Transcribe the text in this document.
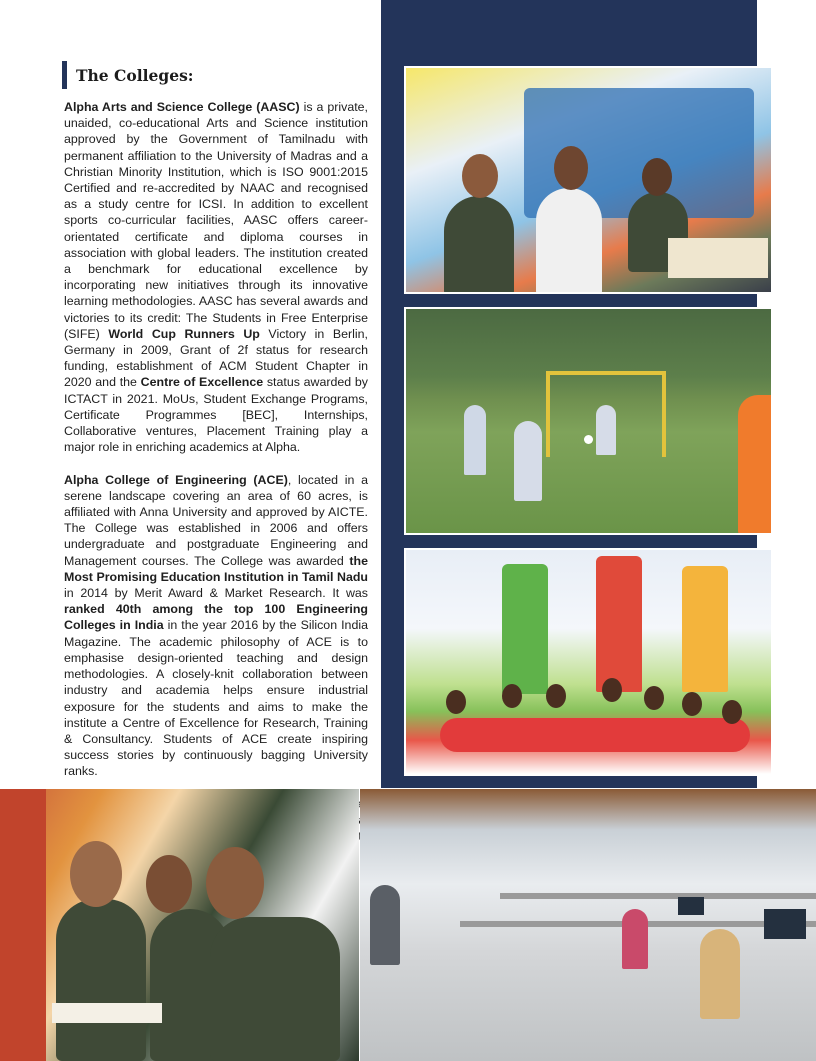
The Colleges:

Alpha Arts and Science College (AASC) is a private, unaided, co-educational Arts and Science institution approved by the Government of Tamilnadu with permanent affiliation to the University of Madras and a Christian Minority Institution, which is ISO 9001:2015 Certified and re-accredited by NAAC and recognised as a study centre for ICSI. In addition to excellent sports co-curricular facilities, AASC offers career-orientated certificate and diploma courses in association with global leaders. The institution created a benchmark for educational excellence by incorporating new initiatives through its innovative learning methodologies. AASC has several awards and victories to its credit: The Students in Free Enterprise (SIFE) World Cup Runners Up Victory in Berlin, Germany in 2009, Grant of 2f status for research funding, establishment of ACM Student Chapter in 2020 and the Centre of Excellence status awarded by ICTACT in 2021. MoUs, Student Exchange Programs, Certificate Programmes [BEC], Internships, Collaborative ventures, Placement Training play a major role in enriching academics at Alpha.

Alpha College of Engineering (ACE), located in a serene landscape covering an area of 60 acres, is affiliated with Anna University and approved by AICTE. The College was established in 2006 and offers undergraduate and postgraduate Engineering and Management courses. The College was awarded the Most Promising Education Institution in Tamil Nadu in 2014 by Merit Award & Market Research. It was ranked 40th among the top 100 Engineering Colleges in India in the year 2016 by the Silicon India Magazine. The academic philosophy of ACE is to emphasise design-oriented teaching and design methodologies. A closely-knit collaboration between industry and academia helps ensure industrial exposure for the students and aims to make the institute a Centre of Excellence for Research, Training & Consultancy. Students of ACE create inspiring success stories by continuously bagging University ranks.
